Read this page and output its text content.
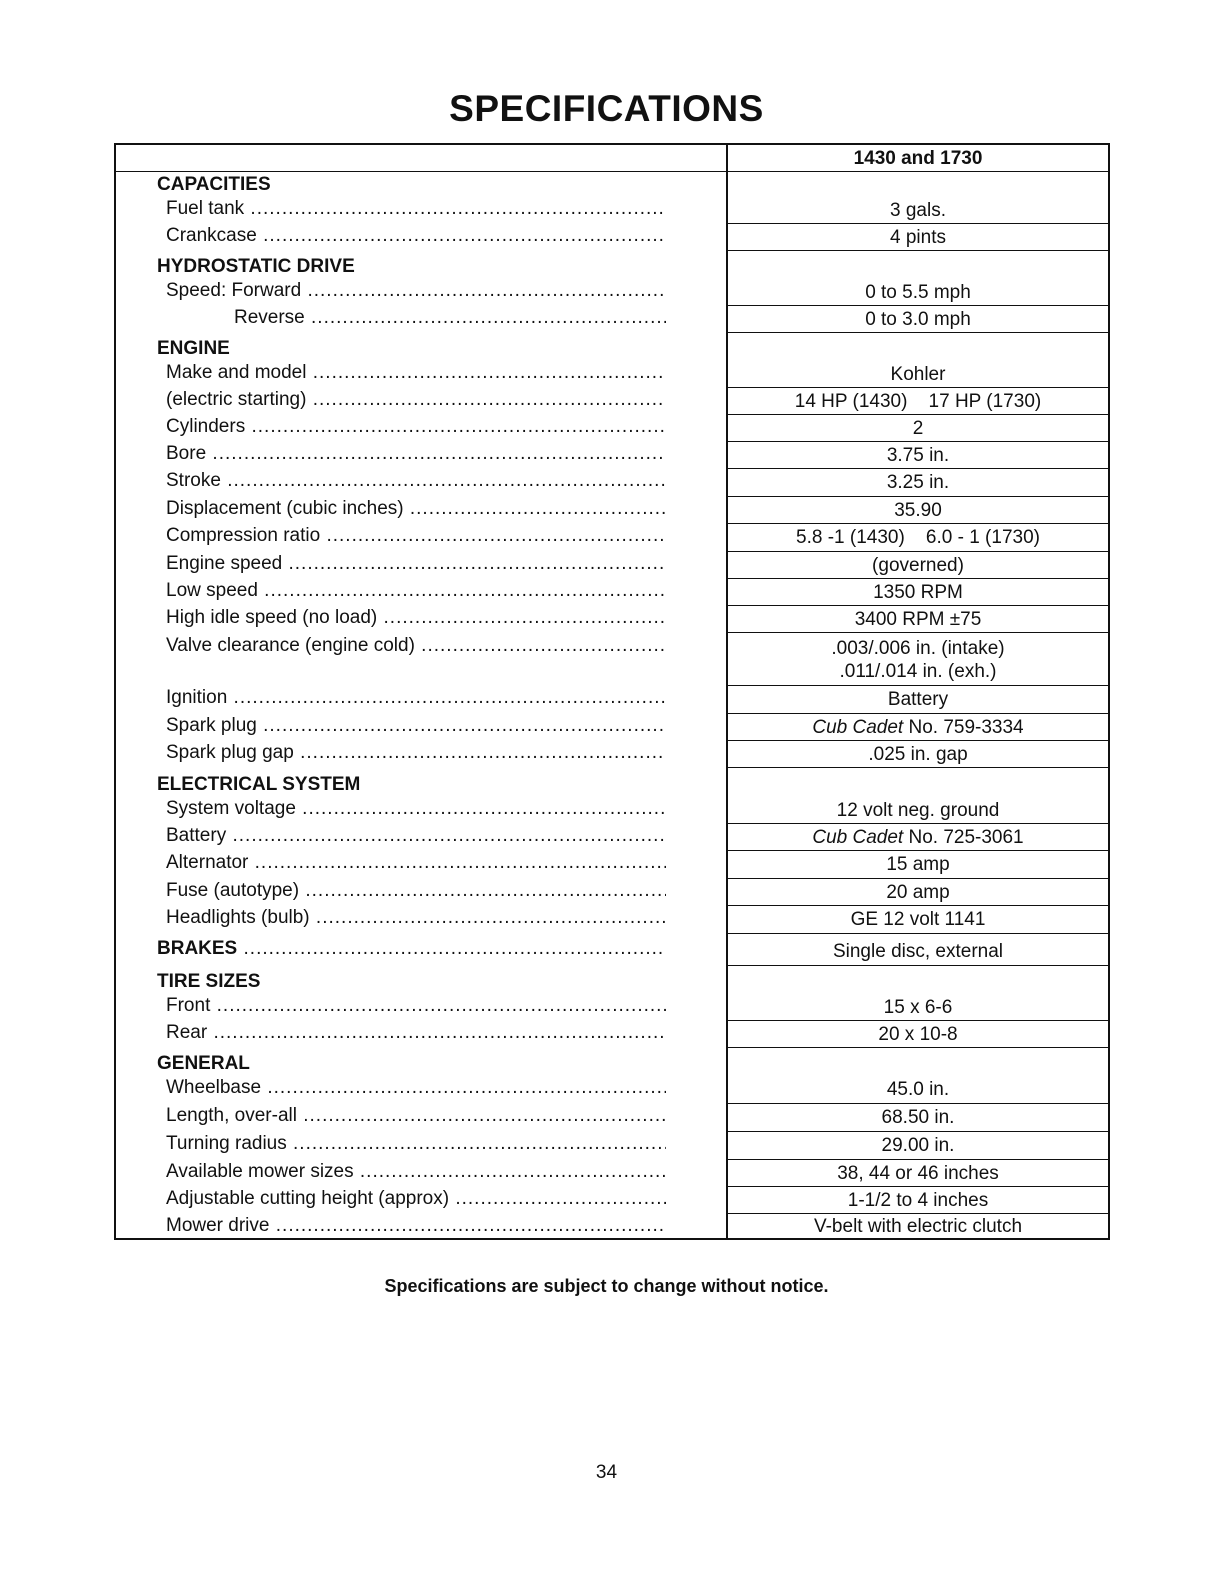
SPECIFICATIONS
1430 and 1730
CAPACITIES
Fuel tank .....	3 gals.
Crankcase .....	4 pints
HYDROSTATIC DRIVE
Speed: Forward .....	0 to 5.5 mph
Reverse .....	0 to 3.0 mph
ENGINE
Make and model .....	Kohler
(electric starting) .....	14 HP (1430)    17 HP (1730)
Cylinders .....	2
Bore .....	3.75 in.
Stroke .....	3.25 in.
Displacement (cubic inches) .....	35.90
Compression ratio .....	5.8 -1 (1430)    6.0 - 1 (1730)
Engine speed .....	(governed)
Low speed .....	1350 RPM
High idle speed (no load) .....	3400 RPM ±75
Valve clearance (engine cold) .....	.003/.006 in. (intake)
.011/.014 in. (exh.)
Ignition .....	Battery
Spark plug .....	Cub Cadet No. 759-3334
Spark plug gap .....	.025 in. gap
ELECTRICAL SYSTEM
System voltage .....	12 volt neg. ground
Battery .....	Cub Cadet No. 725-3061
Alternator .....	15 amp
Fuse (autotype) .....	20 amp
Headlights (bulb) .....	GE 12 volt 1141
BRAKES .....	Single disc, external
TIRE SIZES
Front .....	15 x 6-6
Rear .....	20 x 10-8
GENERAL
Wheelbase .....	45.0 in.
Length, over-all .....	68.50 in.
Turning radius .....	29.00 in.
Available mower sizes .....	38, 44 or 46 inches
Adjustable cutting height (approx) .....	1-1/2 to 4 inches
Mower drive .....	V-belt with electric clutch
Specifications are subject to change without notice.
34
